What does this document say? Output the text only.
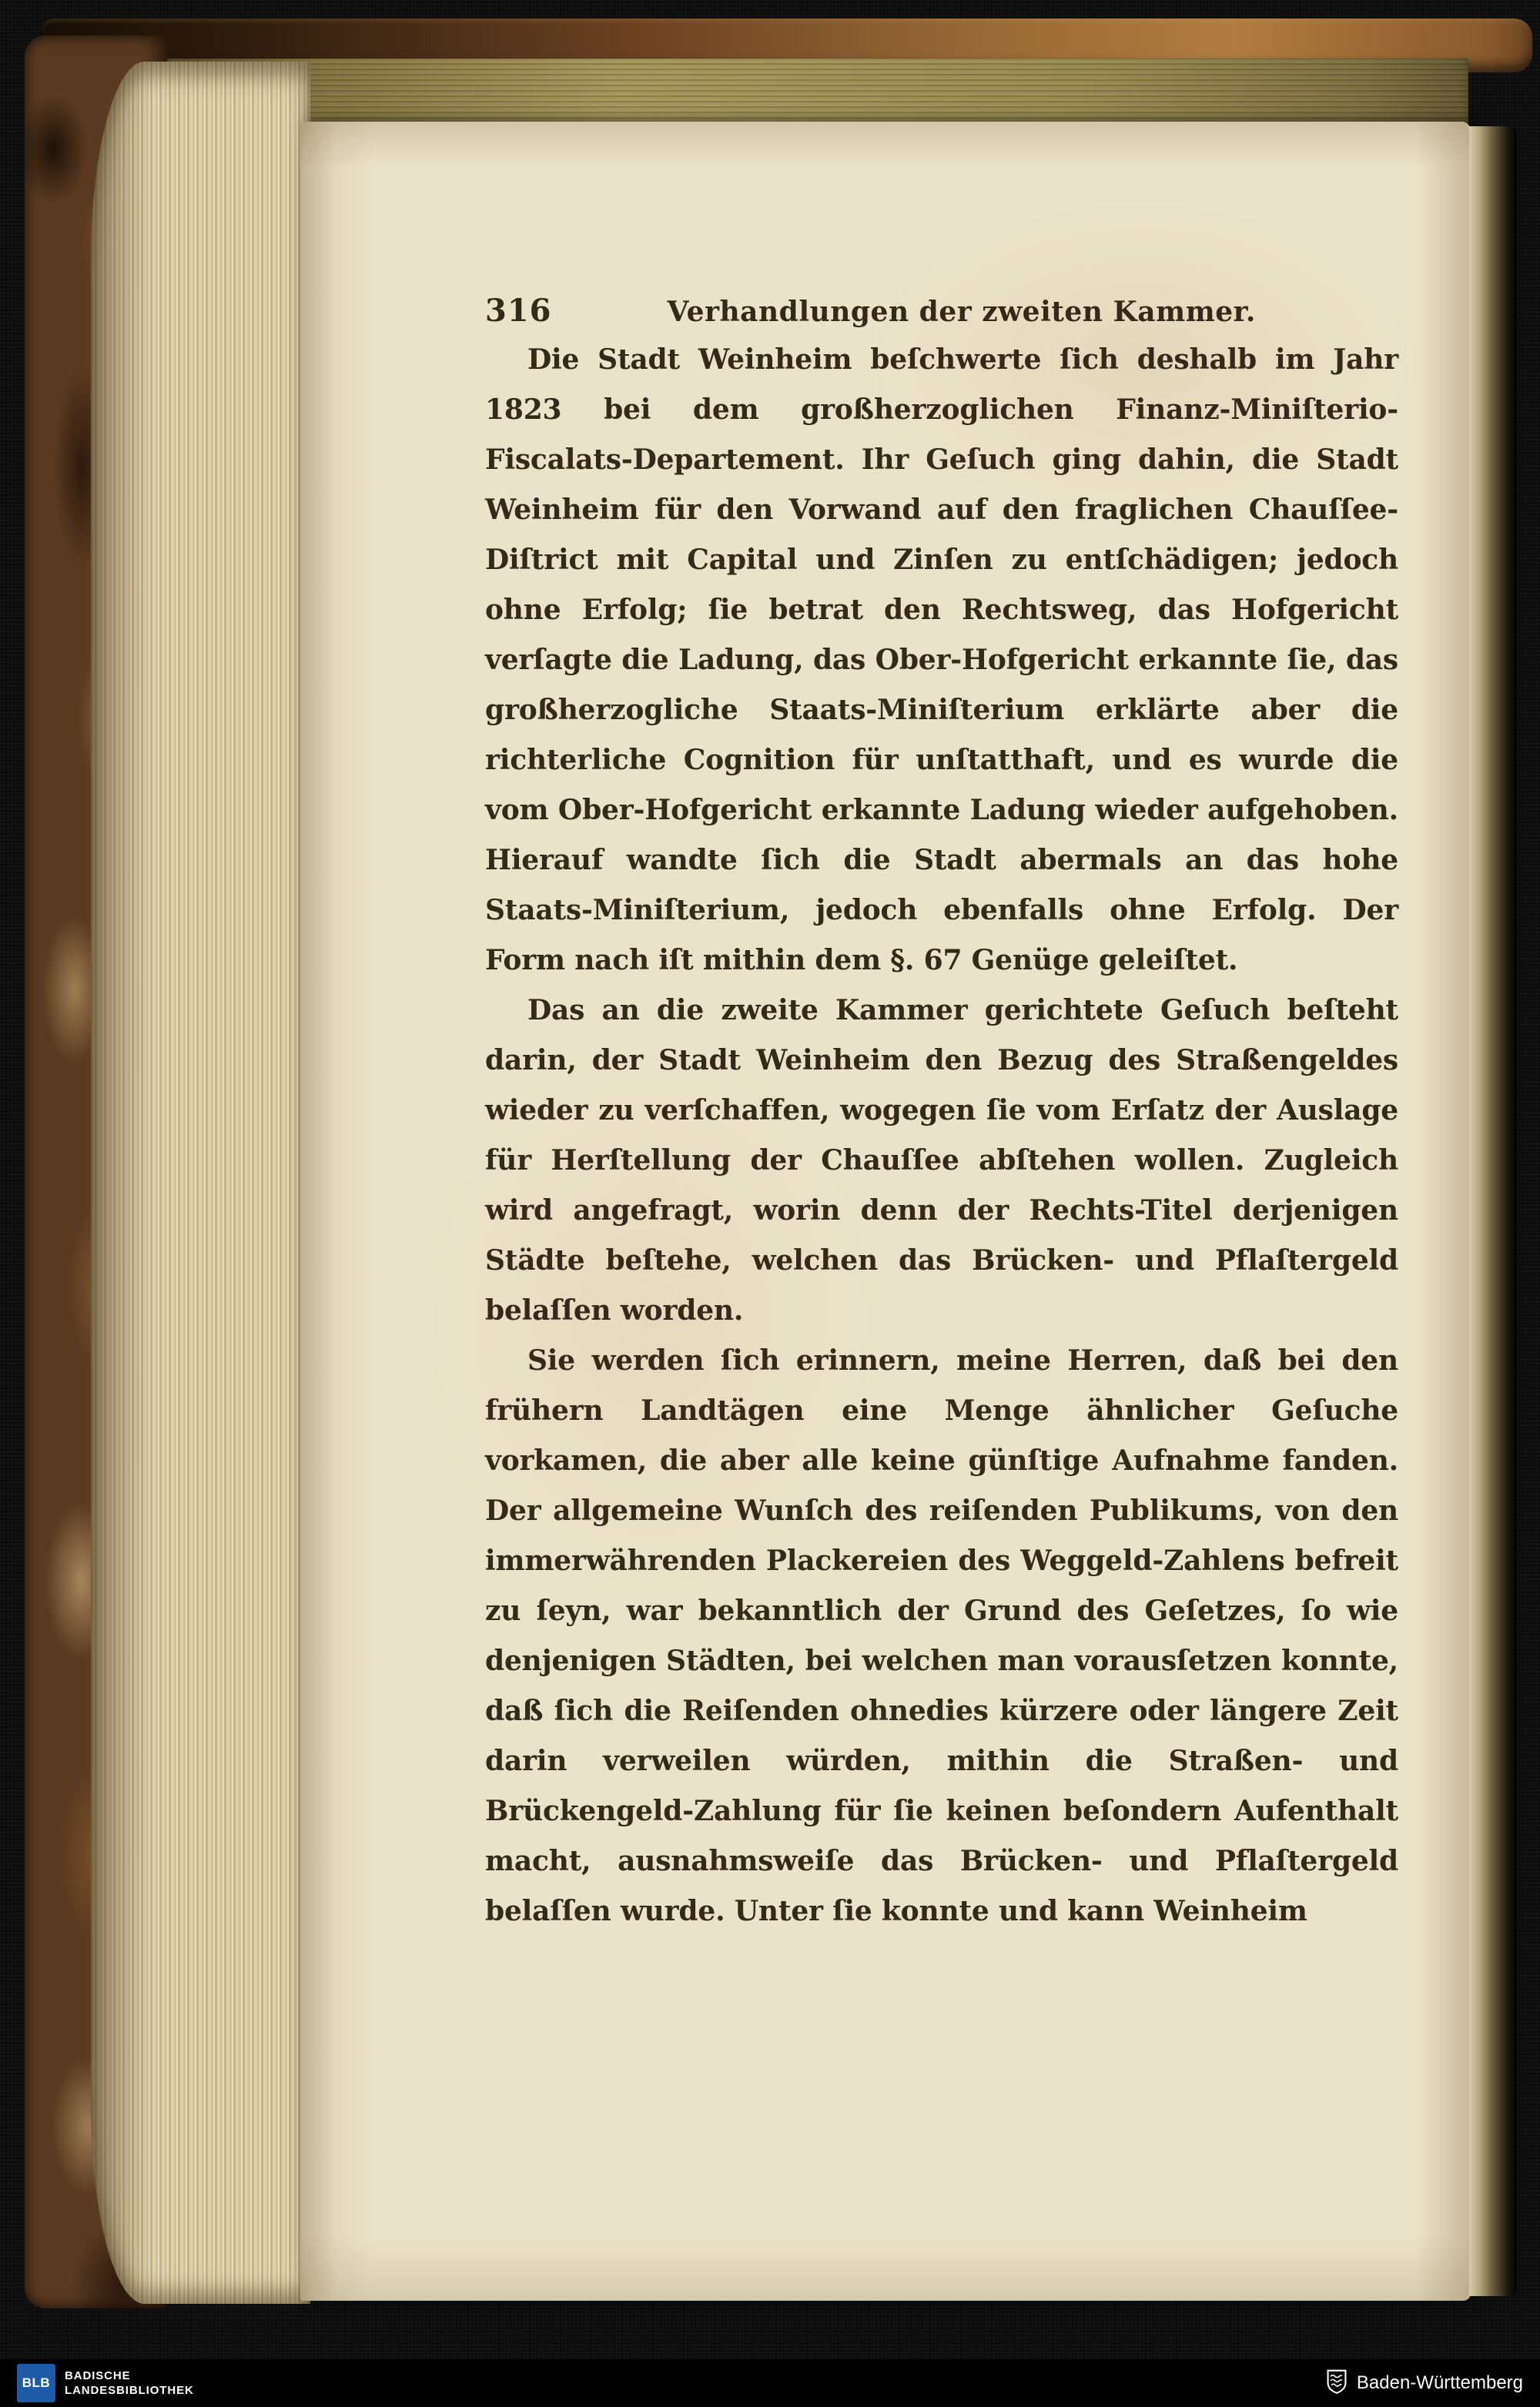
316	Verhandlungen der zweiten Kammer.

Die Stadt Weinheim beſchwerte ſich deshalb im Jahr 1823 bei dem großherzoglichen Finanz-Miniſterio-Fiscalats-Departement. Ihr Geſuch ging dahin, die Stadt Weinheim für den Vorwand auf den fraglichen Chauſſee-Diſtrict mit Capital und Zinſen zu entſchädigen; jedoch ohne Erfolg; ſie betrat den Rechtsweg, das Hofgericht verſagte die Ladung, das Ober-Hofgericht erkannte ſie, das großherzogliche Staats-Miniſterium erklärte aber die richterliche Cognition für unſtatthaft, und es wurde die vom Ober-Hofgericht erkannte Ladung wieder aufgehoben. Hierauf wandte ſich die Stadt abermals an das hohe Staats-Miniſterium, jedoch ebenfalls ohne Erfolg. Der Form nach iſt mithin dem §. 67 Genüge geleiſtet.

Das an die zweite Kammer gerichtete Geſuch beſteht darin, der Stadt Weinheim den Bezug des Straßengeldes wieder zu verſchaffen, wogegen ſie vom Erſatz der Auslage für Herſtellung der Chauſſee abſtehen wollen. Zugleich wird angefragt, worin denn der Rechts-Titel derjenigen Städte beſtehe, welchen das Brücken- und Pflaſtergeld belaſſen worden.

Sie werden ſich erinnern, meine Herren, daß bei den frühern Landtägen eine Menge ähnlicher Geſuche vorkamen, die aber alle keine günſtige Aufnahme fanden. Der allgemeine Wunſch des reiſenden Publikums, von den immerwährenden Plackereien des Weggeld-Zahlens befreit zu ſeyn, war bekanntlich der Grund des Geſetzes, ſo wie denjenigen Städten, bei welchen man vorausſetzen konnte, daß ſich die Reiſenden ohnedies kürzere oder längere Zeit darin verweilen würden, mithin die Straßen- und Brückengeld-Zahlung für ſie keinen beſondern Aufenthalt macht, ausnahmsweiſe das Brücken- und Pflaſtergeld belaſſen wurde. Unter ſie konnte und kann Weinheim

BLB	BADISCHE
LANDESBIBLIOTHEK	Baden-Württemberg
